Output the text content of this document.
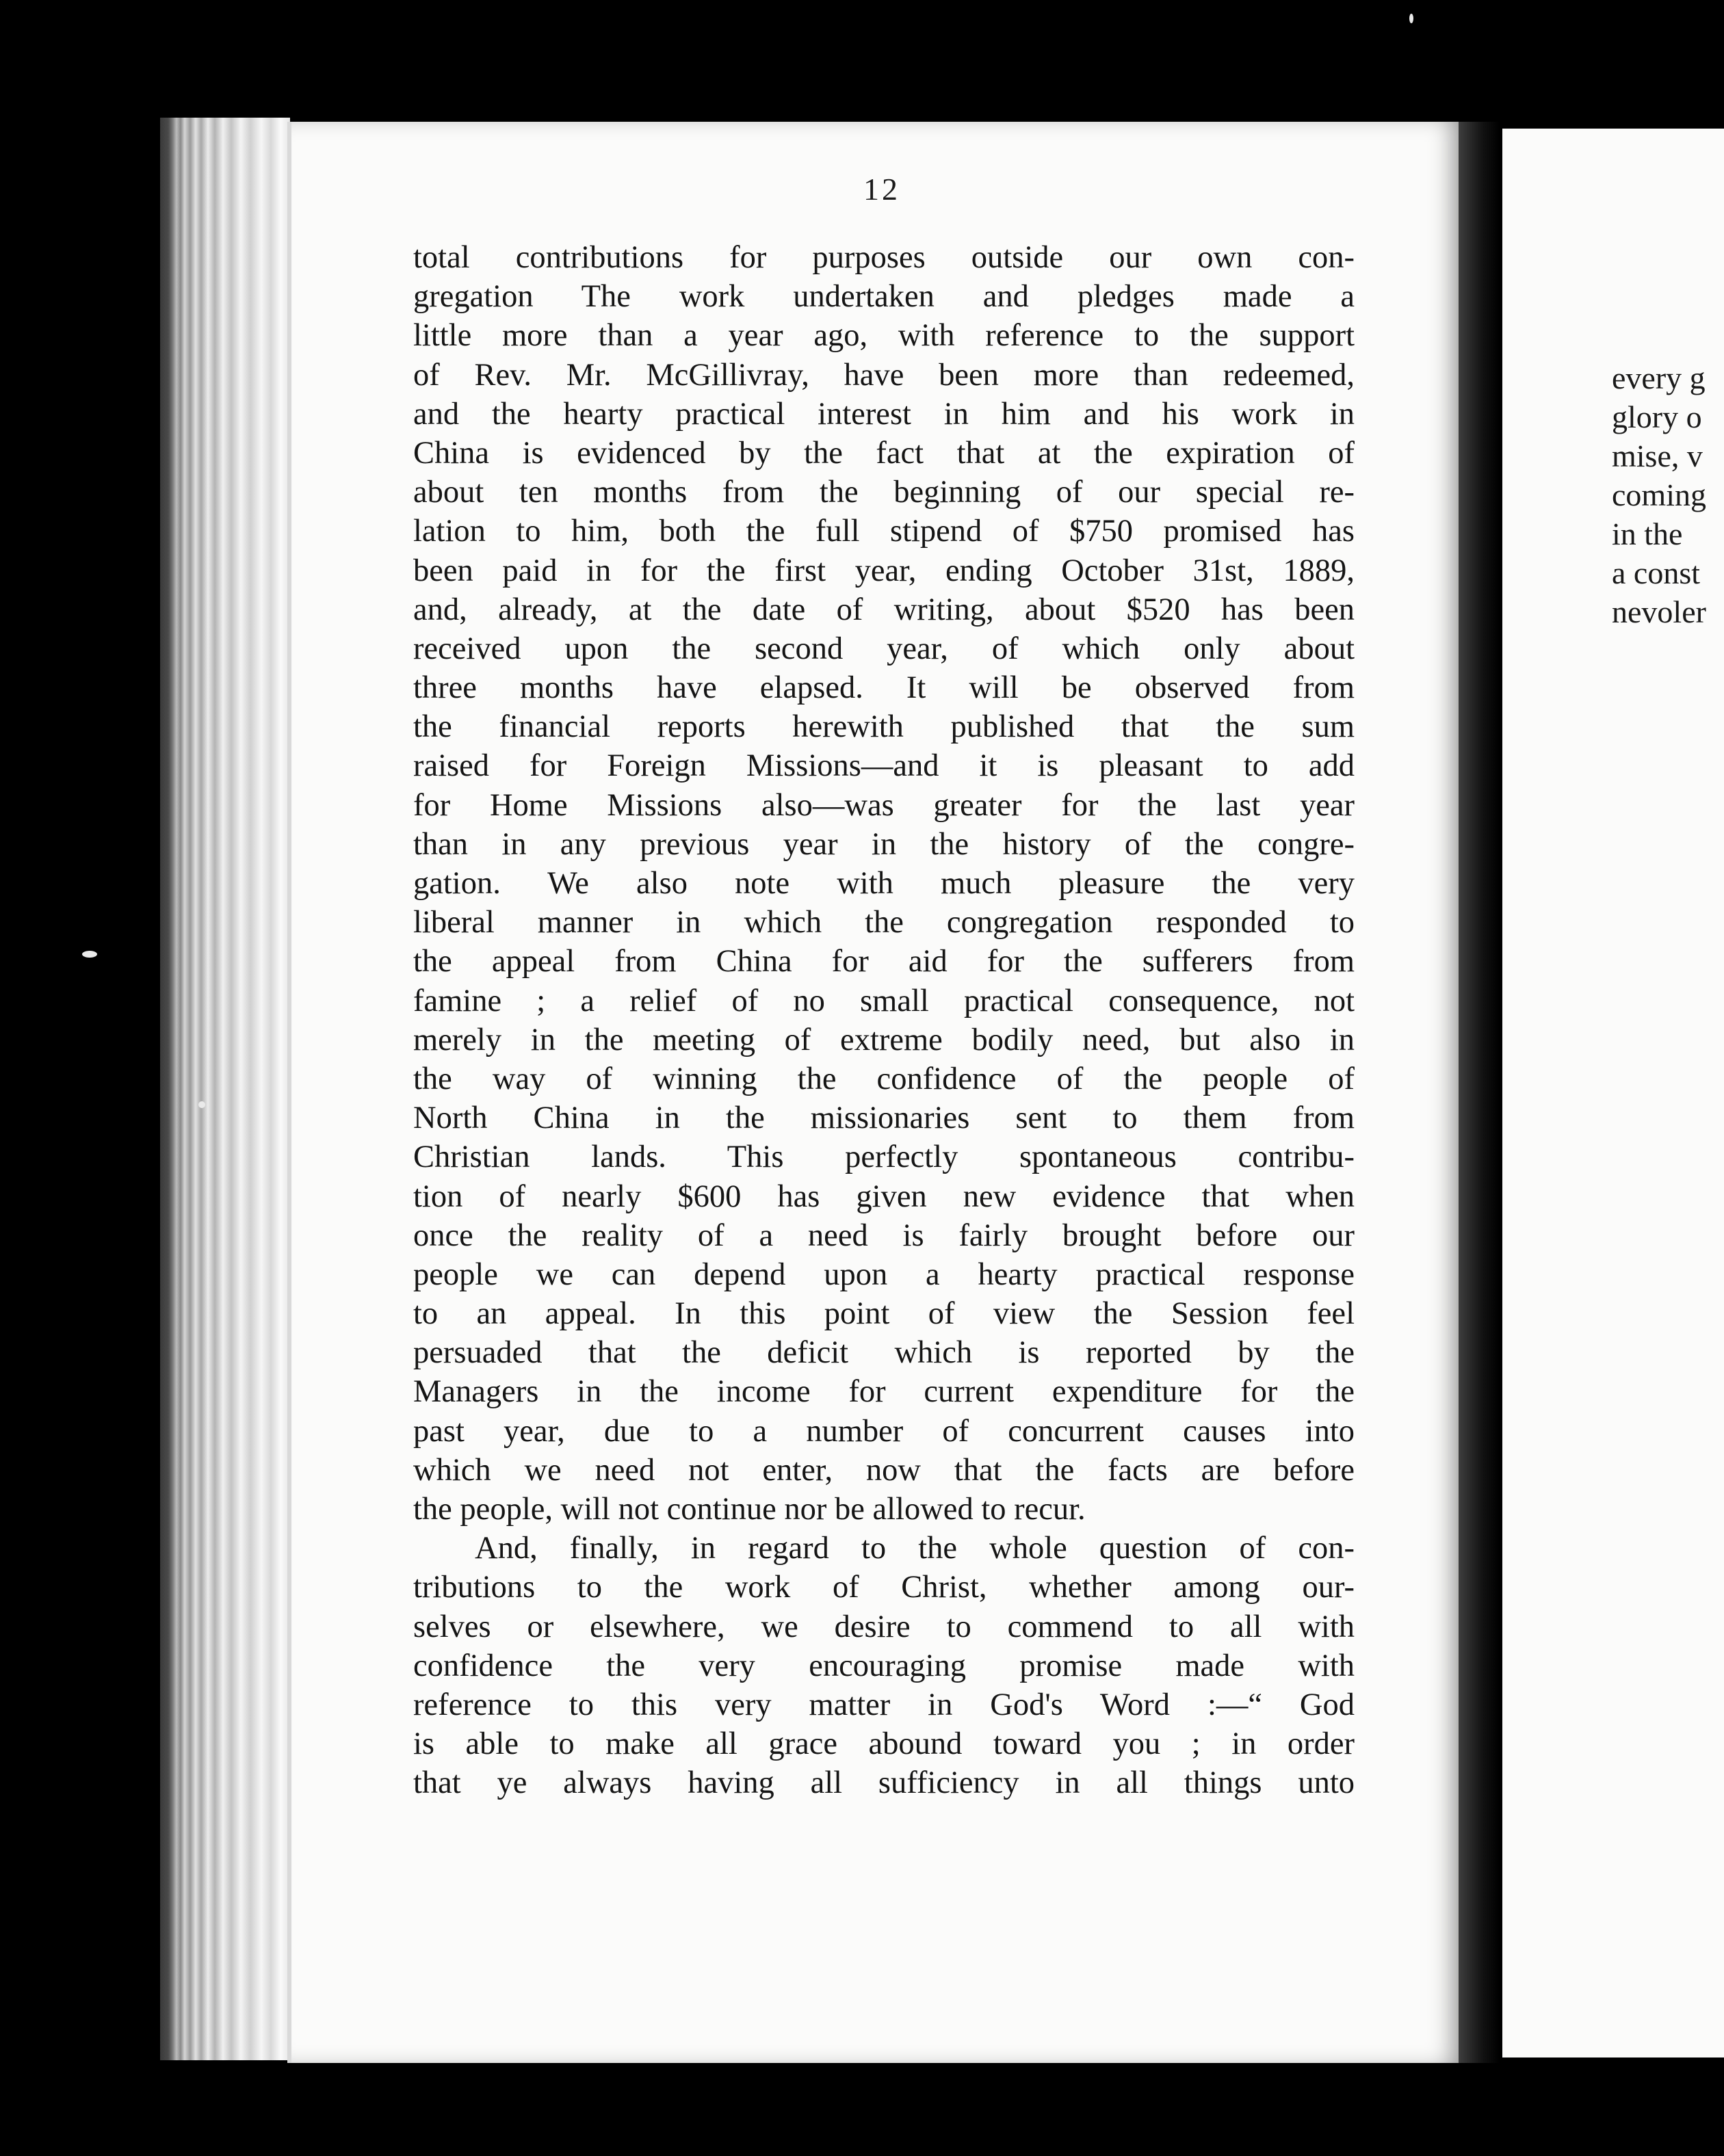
every g
glory o
mise, v
coming
in the
a const
nevoler
12
total contributions for purposes outside our own con-
gregation The work undertaken and pledges made a
little more than a year ago, with reference to the support
of Rev. Mr. McGillivray, have been more than redeemed,
and the hearty practical interest in him and his work in
China is evidenced by the fact that at the expiration of
about ten months from the beginning of our special re-
lation to him, both the full stipend of $750 promised has
been paid in for the first year, ending October 31st, 1889,
and, already, at the date of writing, about $520 has been
received upon the second year, of which only about
three months have elapsed. It will be observed from
the financial reports herewith published that the sum
raised for Foreign Missions—and it is pleasant to add
for Home Missions also—was greater for the last year
than in any previous year in the history of the congre-
gation. We also note with much pleasure the very
liberal manner in which the congregation responded to
the appeal from China for aid for the sufferers from
famine ; a relief of no small practical consequence, not
merely in the meeting of extreme bodily need, but also in
the way of winning the confidence of the people of
North China in the missionaries sent to them from
Christian lands. This perfectly spontaneous contribu-
tion of nearly $600 has given new evidence that when
once the reality of a need is fairly brought before our
people we can depend upon a hearty practical response
to an appeal. In this point of view the Session feel
persuaded that the deficit which is reported by the
Managers in the income for current expenditure for the
past year, due to a number of concurrent causes into
which we need not enter, now that the facts are before
the people, will not continue nor be allowed to recur.
And, finally, in regard to the whole question of con-
tributions to the work of Christ, whether among our-
selves or elsewhere, we desire to commend to all with
confidence the very encouraging promise made with
reference to this very matter in God's Word :—“ God
is able to make all grace abound toward you ; in order
that ye always having all sufficiency in all things unto
